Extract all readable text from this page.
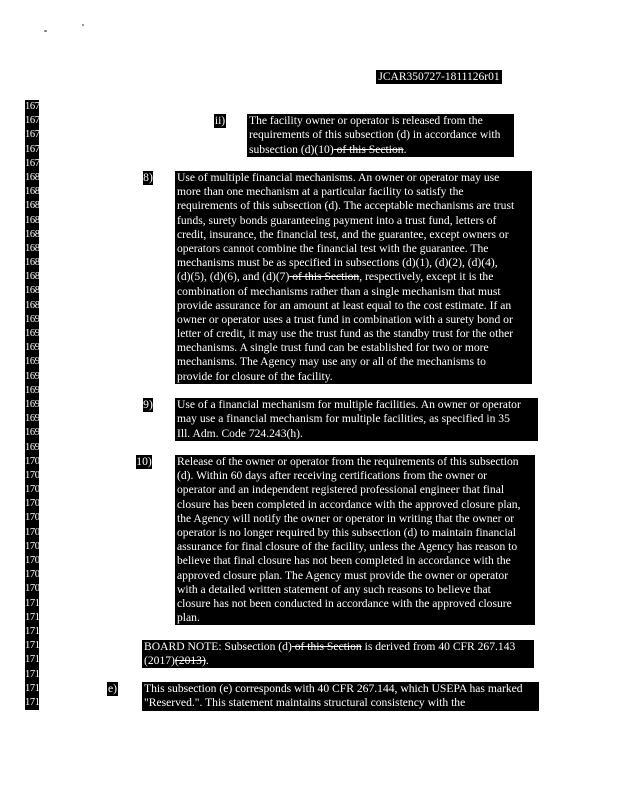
JCAR350727-1811126r01
1675
1676
1677
1678
1679
1680
1681
1682
1683
1684
1685
1686
1687
1688
1689
1690
1691
1692
1693
1694
1695
1696
1697
1698
1699
1700
1701
1702
1703
1704
1705
1706
1707
1708
1709
1710
1711
1712
1713
1714
1715
1716
1717
ii) The facility owner or operator is released from the
requirements of this subsection (d) in accordance with
subsection (d)(10) of this Section.
8) Use of multiple financial mechanisms. An owner or operator may use
more than one mechanism at a particular facility to satisfy the
requirements of this subsection (d). The acceptable mechanisms are trust
funds, surety bonds guaranteeing payment into a trust fund, letters of
credit, insurance, the financial test, and the guarantee, except owners or
operators cannot combine the financial test with the guarantee. The
mechanisms must be as specified in subsections (d)(1), (d)(2), (d)(4),
(d)(5), (d)(6), and (d)(7) of this Section, respectively, except it is the
combination of mechanisms rather than a single mechanism that must
provide assurance for an amount at least equal to the cost estimate. If an
owner or operator uses a trust fund in combination with a surety bond or
letter of credit, it may use the trust fund as the standby trust for the other
mechanisms. A single trust fund can be established for two or more
mechanisms. The Agency may use any or all of the mechanisms to
provide for closure of the facility.
9) Use of a financial mechanism for multiple facilities. An owner or operator
may use a financial mechanism for multiple facilities, as specified in 35
Ill. Adm. Code 724.243(h).
10) Release of the owner or operator from the requirements of this subsection
(d). Within 60 days after receiving certifications from the owner or
operator and an independent registered professional engineer that final
closure has been completed in accordance with the approved closure plan,
the Agency will notify the owner or operator in writing that the owner or
operator is no longer required by this subsection (d) to maintain financial
assurance for final closure of the facility, unless the Agency has reason to
believe that final closure has not been completed in accordance with the
approved closure plan. The Agency must provide the owner or operator
with a detailed written statement of any such reasons to believe that
closure has not been conducted in accordance with the approved closure
plan.
BOARD NOTE: Subsection (d) of this Section is derived from 40 CFR 267.143
(2017)(2013).
e) This subsection (e) corresponds with 40 CFR 267.144, which USEPA has marked
"Reserved.". This statement maintains structural consistency with the
